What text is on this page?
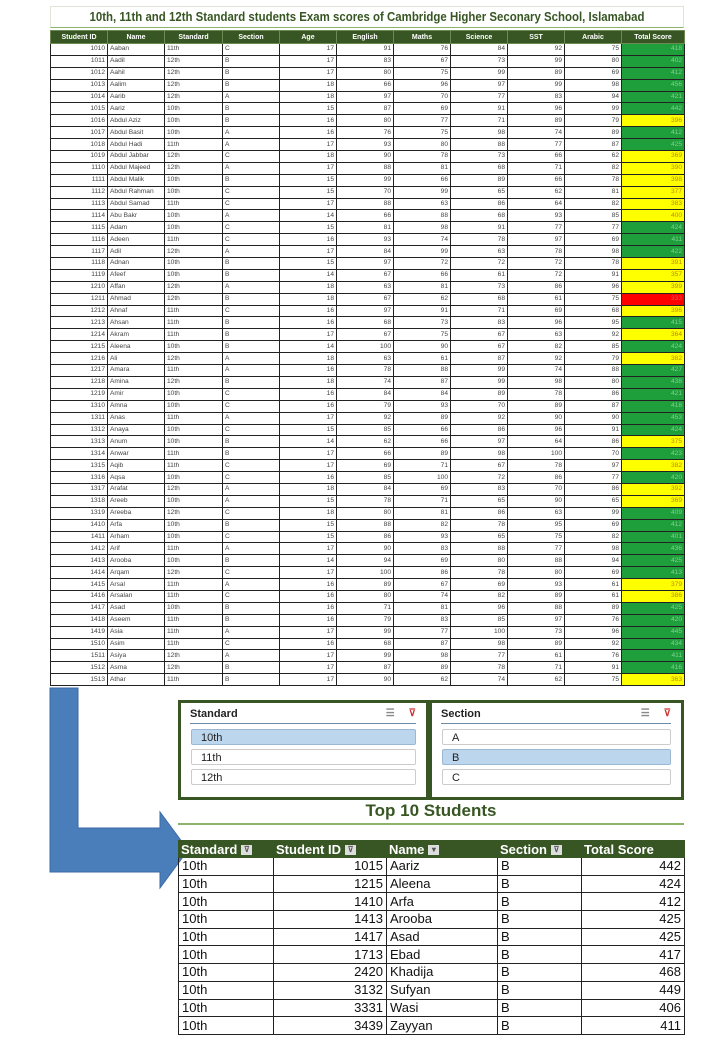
10th, 11th and 12th Standard students Exam scores of Cambridge Higher Seconary School, Islamabad
Student ID	Name	Standard	Section	Age	English	Maths	Science	SST	Arabic	Total Score
1010	Aaban	11th	C	17	91	76	84	92	75	418
1011	Aadil	12th	B	17	83	67	73	99	80	402
1012	Aahil	12th	B	17	80	75	99	89	69	412
1013	Aalim	12th	B	18	66	96	97	99	98	456
1014	Aarib	12th	A	18	97	70	77	83	94	421
1015	Aariz	10th	B	15	87	69	91	96	99	442
1016	Abdul Aziz	10th	B	16	80	77	71	89	79	396
1017	Abdul Basit	10th	A	16	76	75	98	74	89	412
1018	Abdul Hadi	11th	A	17	93	80	88	77	87	425
1019	Abdul Jabbar	12th	C	18	90	78	73	66	62	369
1110	Abdul Majeed	12th	A	17	88	81	68	71	82	390
1111	Abdul Malik	10th	B	15	99	66	89	66	78	398
1112	Abdul Rahman	10th	C	15	70	99	65	62	81	377
1113	Abdul Samad	11th	C	17	88	63	86	64	82	383
1114	Abu Bakr	10th	A	14	66	88	68	93	85	400
1115	Adam	10th	C	15	81	98	91	77	77	424
1116	Adeen	11th	C	16	93	74	78	97	69	411
1117	Adil	12th	A	17	84	99	63	78	98	422
1118	Adnan	10th	B	15	97	72	72	72	78	391
1119	Afeef	10th	B	14	67	66	61	72	91	357
1210	Affan	12th	A	18	63	81	73	86	96	399
1211	Ahmad	12th	B	18	67	62	68	61	75	333
1212	Ahnaf	11th	C	16	97	91	71	69	68	396
1213	Ahsan	11th	B	16	68	73	83	96	95	415
1214	Akram	11th	B	17	67	75	67	63	92	364
1215	Aleena	10th	B	14	100	90	67	82	85	424
1216	Ali	12th	A	18	63	61	87	92	79	382
1217	Amara	11th	A	16	78	88	99	74	88	427
1218	Amina	12th	B	18	74	87	99	98	80	438
1219	Amir	10th	C	16	84	84	89	78	86	421
1310	Amna	10th	C	16	79	93	70	89	87	418
1311	Anas	11th	A	17	92	89	92	90	90	453
1312	Anaya	10th	C	15	85	66	86	96	91	424
1313	Anum	10th	B	14	62	66	97	64	86	375
1314	Anwar	11th	B	17	66	89	98	100	70	423
1315	Aqib	11th	C	17	69	71	67	78	97	382
1316	Aqsa	10th	C	16	85	100	72	86	77	420
1317	Arafat	12th	A	18	84	69	83	70	86	392
1318	Areeb	10th	A	15	78	71	65	90	65	369
1319	Areeba	12th	C	18	80	81	86	63	99	409
1410	Arfa	10th	B	15	88	82	78	95	69	412
1411	Arham	10th	C	15	86	93	65	75	82	401
1412	Arif	11th	A	17	90	83	88	77	98	436
1413	Arooba	10th	B	14	94	69	80	88	94	425
1414	Arqam	12th	C	17	100	86	78	80	69	413
1415	Arsal	11th	A	16	89	67	69	93	61	379
1416	Arsalan	11th	C	16	80	74	82	89	61	386
1417	Asad	10th	B	16	71	81	96	88	89	425
1418	Aseem	11th	B	16	79	83	85	97	76	420
1419	Asia	11th	A	17	99	77	100	73	96	445
1510	Asim	11th	C	16	68	87	98	89	92	434
1511	Asiya	12th	A	17	99	98	77	61	76	411
1512	Asma	12th	B	17	87	89	78	71	91	416
1513	Athar	11th	B	17	90	62	74	62	75	363
Standard	☰ ⊽
10th
11th
12th
Section	☰ ⊽
A
B
C
Top 10 Students
Standard ⊽	Student ID ⊽	Name ▾	Section ⊽	Total Score
10th	1015	Aariz	B	442
10th	1215	Aleena	B	424
10th	1410	Arfa	B	412
10th	1413	Arooba	B	425
10th	1417	Asad	B	425
10th	1713	Ebad	B	417
10th	2420	Khadija	B	468
10th	3132	Sufyan	B	449
10th	3331	Wasi	B	406
10th	3439	Zayyan	B	411
